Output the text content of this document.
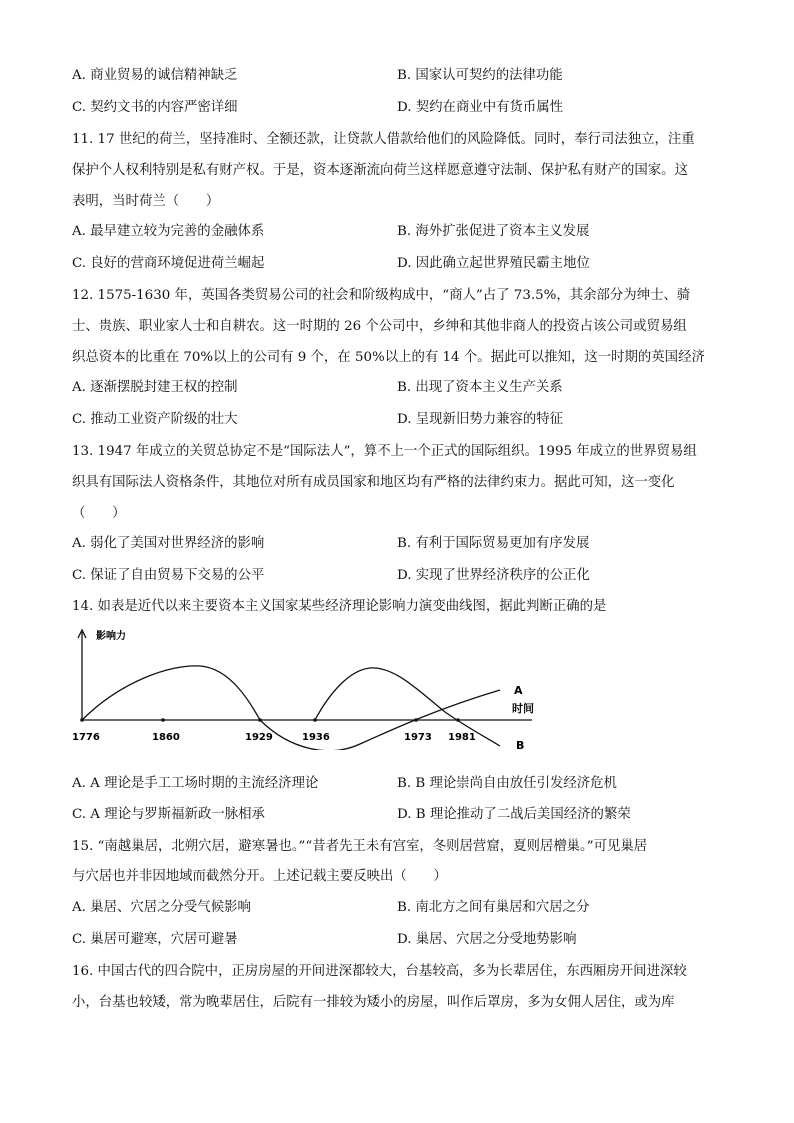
A. 商业贸易的诚信精神缺乏	B. 国家认可契约的法律功能
C. 契约文书的内容严密详细	D. 契约在商业中有货币属性
11. 17 世纪的荷兰，坚持准时、全额还款，让贷款人借款给他们的风险降低。同时，奉行司法独立，注重
保护个人权利特别是私有财产权。于是，资本逐渐流向荷兰这样愿意遵守法制、保护私有财产的国家。这
表明，当时荷兰（　　）
A. 最早建立较为完善的金融体系	B. 海外扩张促进了资本主义发展
C. 良好的营商环境促进荷兰崛起	D. 因此确立起世界殖民霸主地位
12. 1575-1630 年，英国各类贸易公司的社会和阶级构成中，“商人”占了 73.5%，其余部分为绅士、骑
士、贵族、职业家人士和自耕农。这一时期的 26 个公司中，乡绅和其他非商人的投资占该公司或贸易组
织总资本的比重在 70%以上的公司有 9 个，在 50%以上的有 14 个。据此可以推知，这一时期的英国经济
A. 逐渐摆脱封建王权的控制	B. 出现了资本主义生产关系
C. 推动工业资产阶级的壮大	D. 呈现新旧势力兼容的特征
13. 1947 年成立的关贸总协定不是“国际法人”，算不上一个正式的国际组织。1995 年成立的世界贸易组
织具有国际法人资格条件，其地位对所有成员国家和地区均有严格的法律约束力。据此可知，这一变化
（　　）
A. 弱化了美国对世界经济的影响	B. 有利于国际贸易更加有序发展
C. 保证了自由贸易下交易的公平	D. 实现了世界经济秩序的公正化
14. 如表是近代以来主要资本主义国家某些经济理论影响力演变曲线图，据此判断正确的是
影响力
A
时间
B
1776	1860	1929	1936	1973 1981
A. A 理论是手工工场时期的主流经济理论	B. B 理论崇尚自由放任引发经济危机
C. A 理论与罗斯福新政一脉相承	D. B 理论推动了二战后美国经济的繁荣
15. “南越巢居，北朔穴居，避寒暑也。”“昔者先王未有宫室，冬则居营窟，夏则居橧巢。”可见巢居
与穴居也并非因地域而截然分开。上述记载主要反映出（　　）
A. 巢居、穴居之分受气候影响	B. 南北方之间有巢居和穴居之分
C. 巢居可避寒，穴居可避暑	D. 巢居、穴居之分受地势影响
16. 中国古代的四合院中，正房房屋的开间进深都较大，台基较高，多为长辈居住，东西厢房开间进深较
小，台基也较矮，常为晚辈居住，后院有一排较为矮小的房屋，叫作后罩房，多为女佣人居住，或为库
